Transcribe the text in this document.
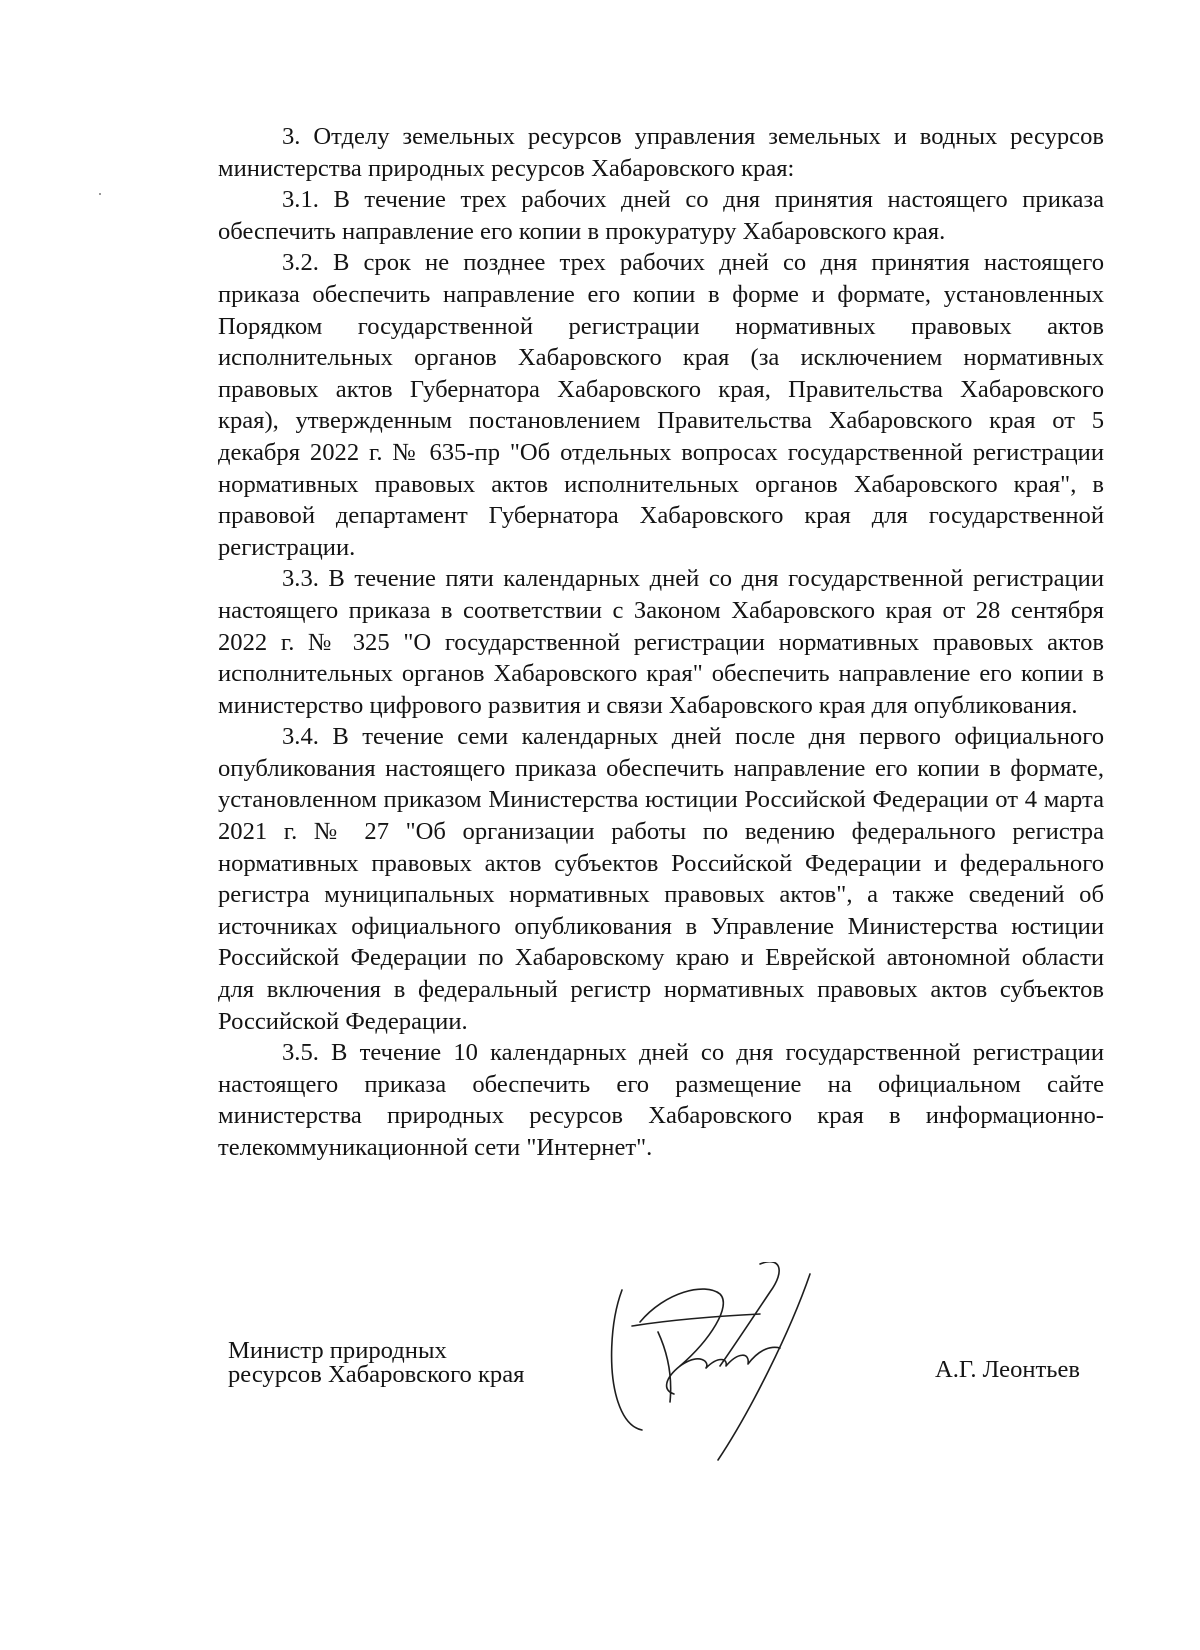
3. Отделу земельных ресурсов управления земельных и водных ресурсов министерства природных ресурсов Хабаровского края:

3.1. В течение трех рабочих дней со дня принятия настоящего приказа обеспечить направление его копии в прокуратуру Хабаровского края.

3.2. В срок не позднее трех рабочих дней со дня принятия настоящего приказа обеспечить направление его копии в форме и формате, установленных Порядком государственной регистрации нормативных правовых актов исполнительных органов Хабаровского края (за исключением нормативных правовых актов Губернатора Хабаровского края, Правительства Хабаровского края), утвержденным постановлением Правительства Хабаровского края от 5 декабря 2022 г. № 635-пр "Об отдельных вопросах государственной регистрации нормативных правовых актов исполнительных органов Хабаровского края", в правовой департамент Губернатора Хабаровского края для государственной регистрации.

3.3. В течение пяти календарных дней со дня государственной регистрации настоящего приказа в соответствии с Законом Хабаровского края от 28 сентября 2022 г. № 325 "О государственной регистрации нормативных правовых актов исполнительных органов Хабаровского края" обеспечить направление его копии в министерство цифрового развития и связи Хабаровского края для опубликования.

3.4. В течение семи календарных дней после дня первого официального опубликования настоящего приказа обеспечить направление его копии в формате, установленном приказом Министерства юстиции Российской Федерации от 4 марта 2021 г. № 27 "Об организации работы по ведению федерального регистра нормативных правовых актов субъектов Российской Федерации и федерального регистра муниципальных нормативных правовых актов", а также сведений об источниках официального опубликования в Управление Министерства юстиции Российской Федерации по Хабаровскому краю и Еврейской автономной области для включения в федеральный регистр нормативных правовых актов субъектов Российской Федерации.

3.5. В течение 10 календарных дней со дня государственной регистрации настоящего приказа обеспечить его размещение на официальном сайте министерства природных ресурсов Хабаровского края в информационно-телекоммуникационной сети "Интернет".

Министр природных
ресурсов Хабаровского края	А.Г. Леонтьев
